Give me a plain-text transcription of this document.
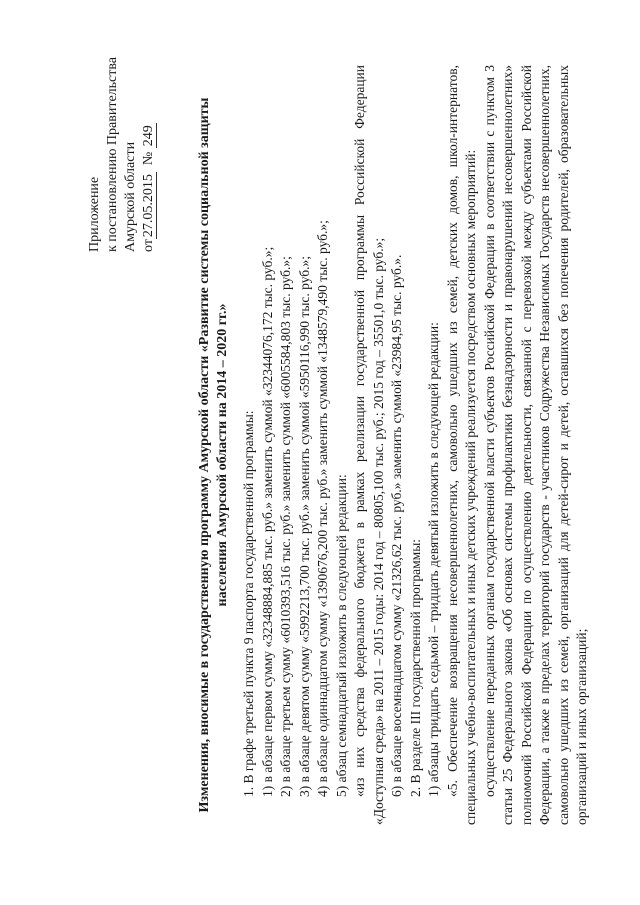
Приложение к постановлению Правительства Амурской области от27.05.2015  № 249	Изменения, вносимые в государственную программу Амурской области «Развитие системы социальной защиты населения Амурской области на 2014 – 2020 гг.» 1. В графе третьей пункта 9 паспорта государственной программы: 1) в абзаце первом сумму «32348884,885 тыс. руб.» заменить суммой «32344076,172 тыс. руб.»; 2) в абзаце третьем сумму «6010393,516 тыс. руб.» заменить суммой «6005584,803 тыс. руб.»; 3) в абзаце девятом сумму «5992213,700 тыс. руб.» заменить суммой «5950116,990 тыс. руб.»; 4) в абзаце одиннадцатом сумму «1390676,200 тыс. руб.» заменить суммой «1348579,490 тыс. руб.»; 5) абзац семнадцатый изложить в следующей редакции: «из них средства федерального бюджета в рамках реализации государственной программы Российской Федерации «Доступная среда» на 2011 – 2015 годы: 2014 год – 80805,100 тыс. руб.; 2015 год – 35501,0 тыс. руб.»; 6) в абзаце восемнадцатом сумму «21326,62 тыс. руб.» заменить суммой «23984,95 тыс. руб.». 2. В разделе III государственной программы: 1) абзацы тридцать седьмой – тридцать девятый изложить в следующей редакции: «5. Обеспечение возвращения несовершеннолетних, самовольно ушедших из семей, детских домов, школ-интернатов, специальных учебно-воспитательных и иных детских учреждений реализуется посредством основных мероприятий: осуществление переданных органам государственной власти субъектов Российской Федерации в соответствии с пунктом 3 статьи 25 Федерального закона «Об основах системы профилактики безнадзорности и правонарушений несовершеннолетних» полномочий Российской Федерации по осуществлению деятельности, связанной с перевозкой между субъектами Российской Федерации, а также в пределах территорий государств - участников Содружества Независимых Государств несовершеннолетних, самовольно ушедших из семей, организаций для детей-сирот и детей, оставшихся без попечения родителей, образовательных организаций и иных организаций;
